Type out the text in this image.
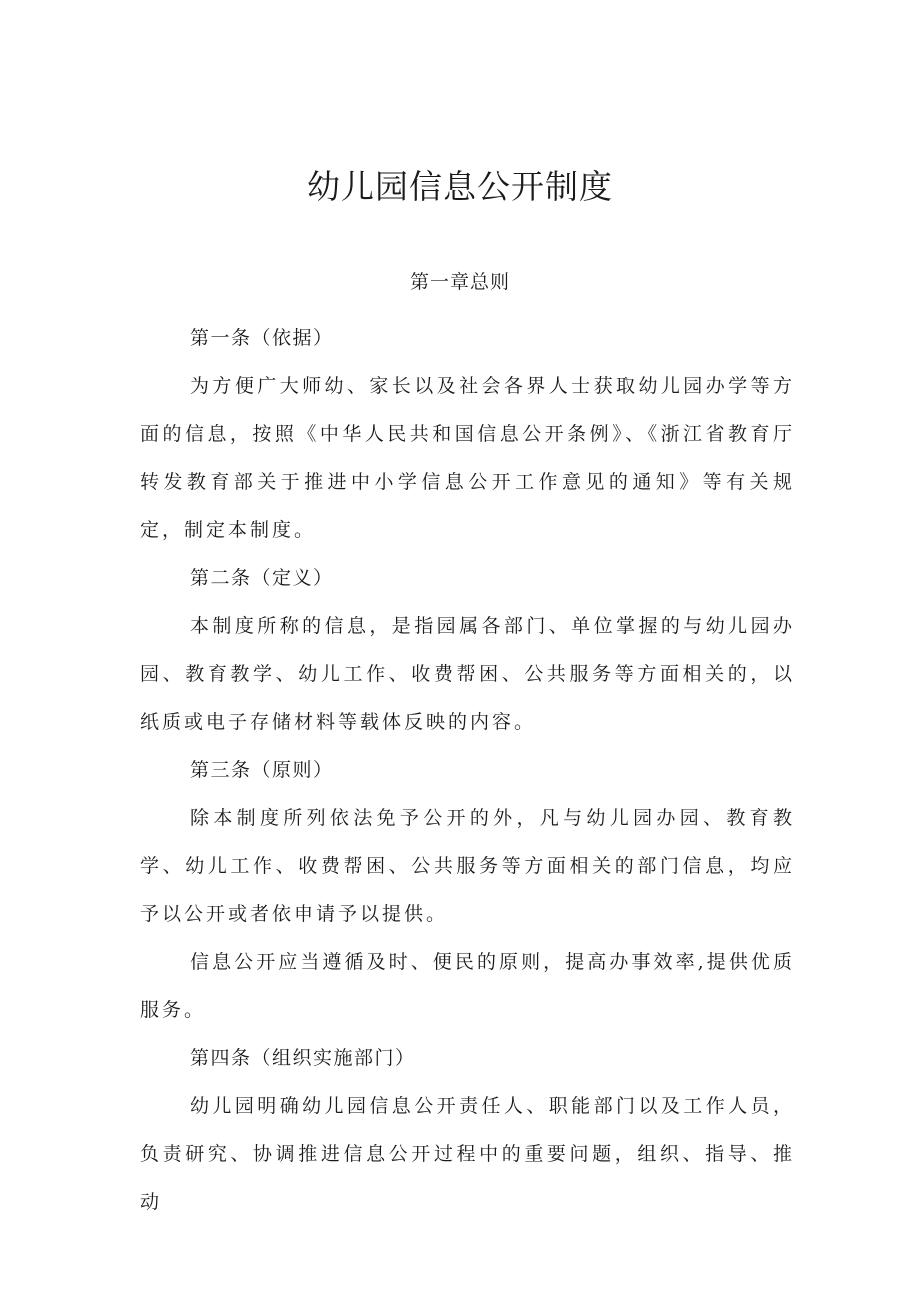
幼儿园信息公开制度
第一章总则

第一条（依据）

为方便广大师幼、家长以及社会各界人士获取幼儿园办学等方面的信息，按照《中华人民共和国信息公开条例》、《浙江省教育厅转发教育部关于推进中小学信息公开工作意见的通知》等有关规定，制定本制度。

第二条（定义）

本制度所称的信息，是指园属各部门、单位掌握的与幼儿园办园、教育教学、幼儿工作、收费帮困、公共服务等方面相关的，以纸质或电子存储材料等载体反映的内容。

第三条（原则）

除本制度所列依法免予公开的外，凡与幼儿园办园、教育教学、幼儿工作、收费帮困、公共服务等方面相关的部门信息，均应予以公开或者依申请予以提供。

信息公开应当遵循及时、便民的原则，提高办事效率,提供优质服务。

第四条（组织实施部门）

幼儿园明确幼儿园信息公开责任人、职能部门以及工作人员，负责研究、协调推进信息公开过程中的重要问题，组织、指导、推动
